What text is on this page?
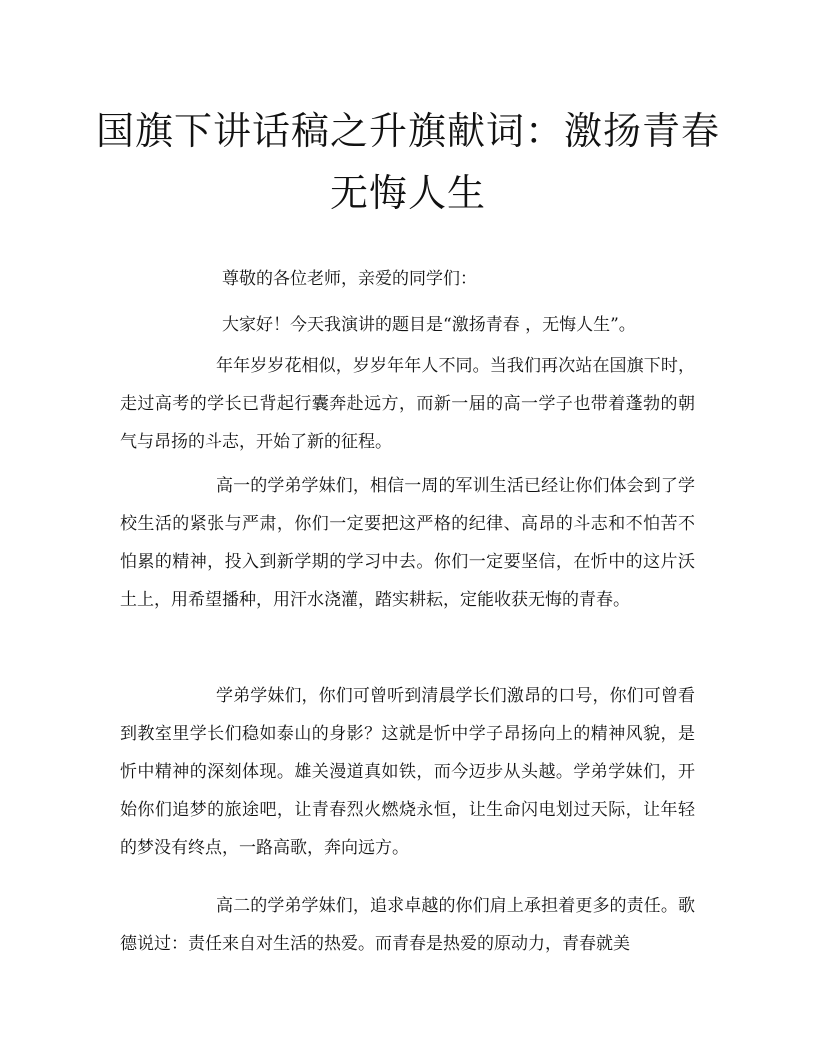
国旗下讲话稿之升旗献词：激扬青春
无悔人生

尊敬的各位老师，亲爱的同学们：

大家好！今天我演讲的题目是“激扬青春 ，无悔人生”。

年年岁岁花相似，岁岁年年人不同。当我们再次站在国旗下时，走过高考的学长已背起行囊奔赴远方，而新一届的高一学子也带着蓬勃的朝气与昂扬的斗志，开始了新的征程。

高一的学弟学妹们，相信一周的军训生活已经让你们体会到了学校生活的紧张与严肃，你们一定要把这严格的纪律、高昂的斗志和不怕苦不怕累的精神，投入到新学期的学习中去。你们一定要坚信，在忻中的这片沃土上，用希望播种，用汗水浇灌，踏实耕耘，定能收获无悔的青春。

学弟学妹们，你们可曾听到清晨学长们激昂的口号，你们可曾看到教室里学长们稳如泰山的身影？这就是忻中学子昂扬向上的精神风貌，是忻中精神的深刻体现。雄关漫道真如铁，而今迈步从头越。学弟学妹们，开始你们追梦的旅途吧，让青春烈火燃烧永恒，让生命闪电划过天际，让年轻的梦没有终点，一路高歌，奔向远方。

高二的学弟学妹们，追求卓越的你们肩上承担着更多的责任。歌德说过：责任来自对生活的热爱。而青春是热爱的原动力，青春就美
